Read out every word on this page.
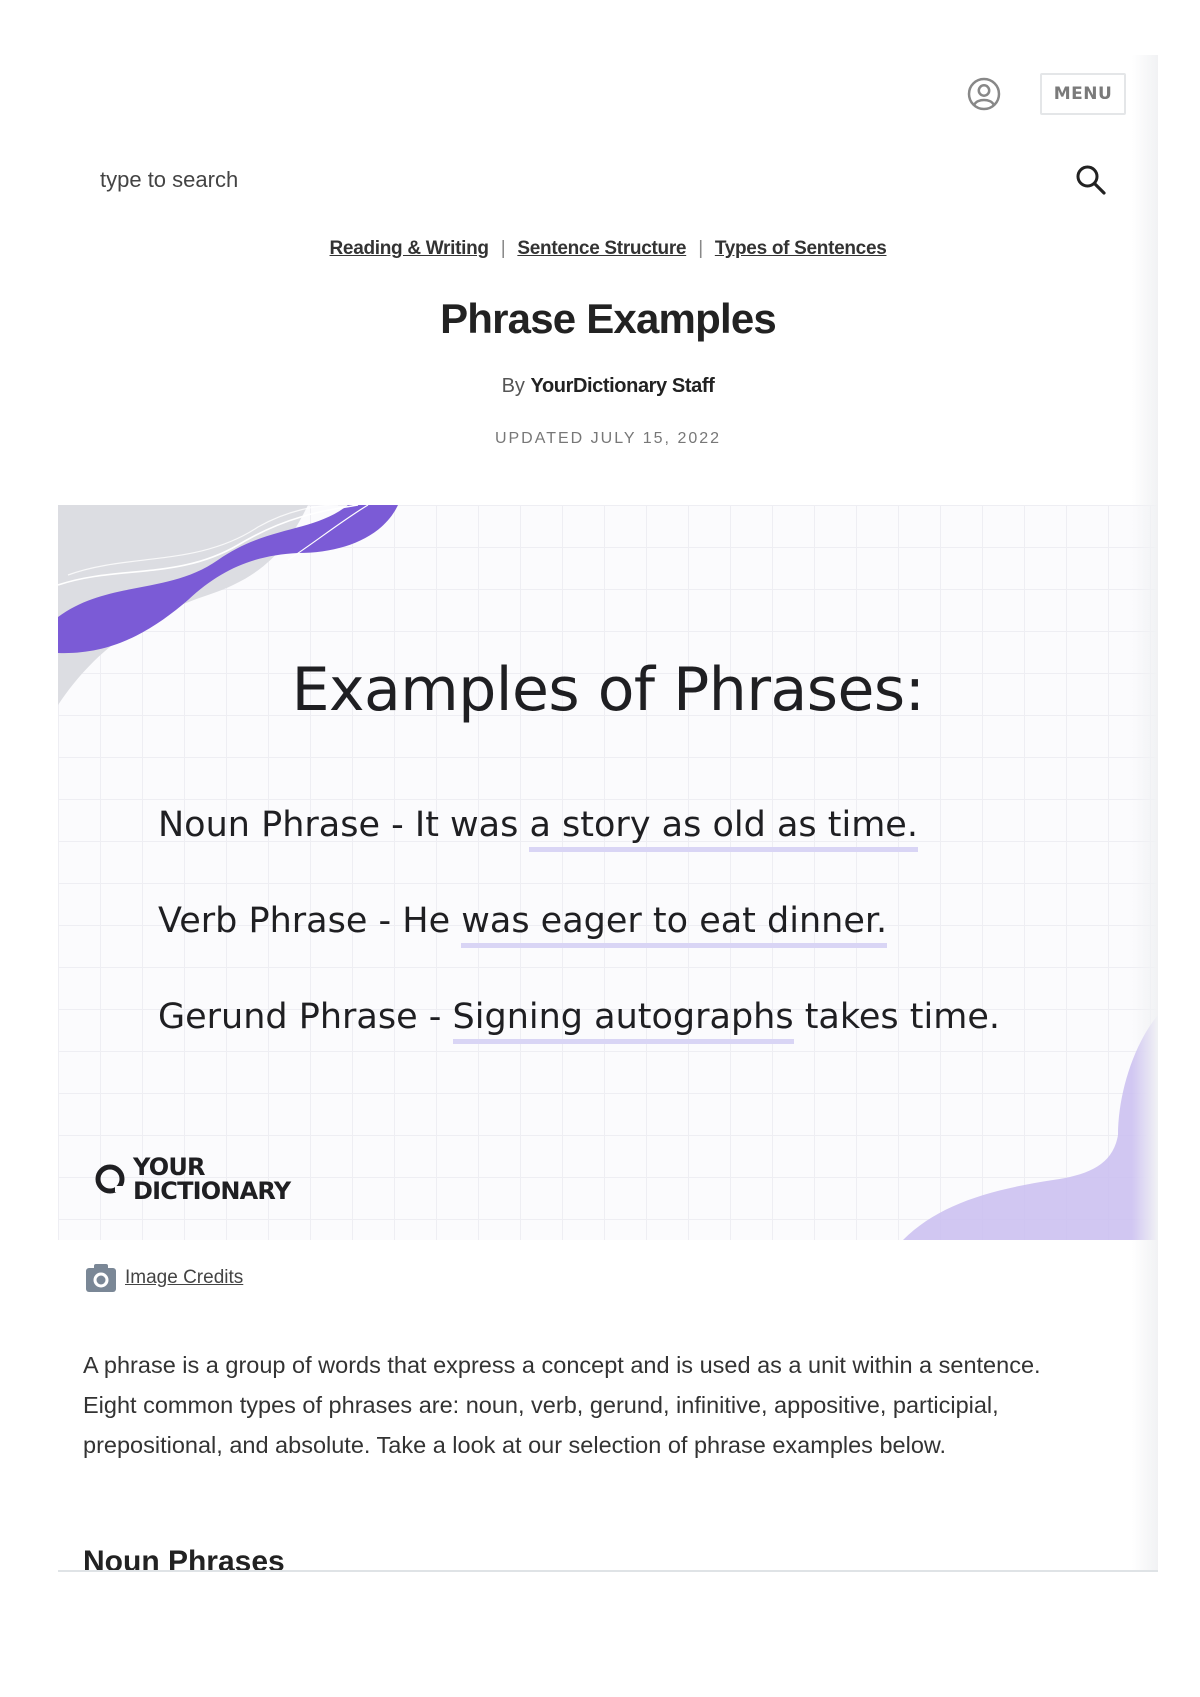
MENU
type to search
Reading & Writing | Sentence Structure | Types of Sentences
Phrase Examples
By YourDictionary Staff
UPDATED JULY 15, 2022
Examples of Phrases:
Noun Phrase - It was a story as old as time.
Verb Phrase - He was eager to eat dinner.
Gerund Phrase - Signing autographs takes time.
YOUR
DICTIONARY
Image Credits

A phrase is a group of words that express a concept and is used as a unit within a sentence. Eight common types of phrases are: noun, verb, gerund, infinitive, appositive, participial, prepositional, and absolute. Take a look at our selection of phrase examples below.

Noun Phrases
